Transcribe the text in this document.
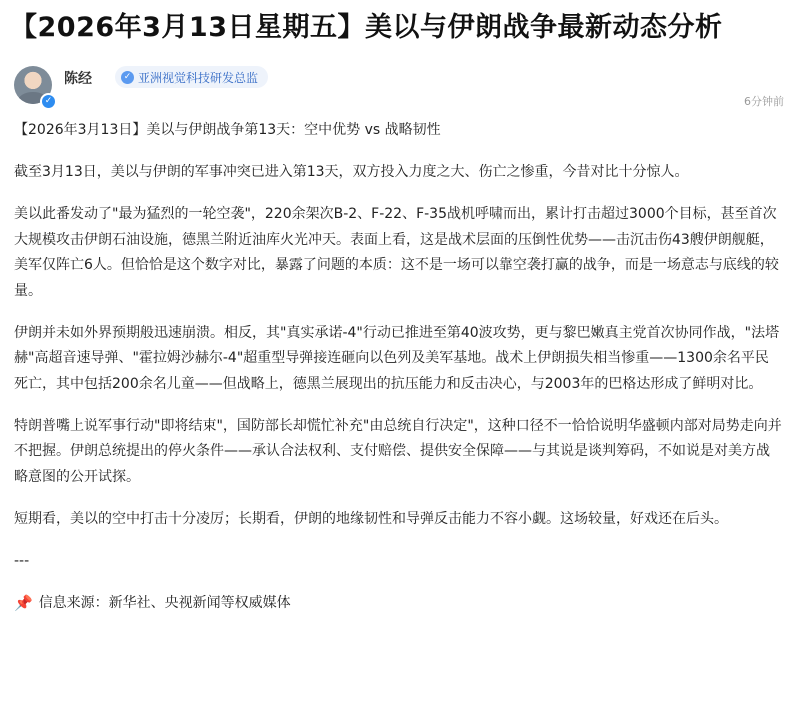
【2026年3月13日星期五】美以与伊朗战争最新动态分析
✓
陈经	✓ 亚洲视觉科技研发总监
6分钟前

【2026年3月13日】美以与伊朗战争第13天：空中优势 vs 战略韧性

截至3月13日，美以与伊朗的军事冲突已进入第13天，双方投入力度之大、伤亡之惨重，今昔对比十分惊人。

美以此番发动了"最为猛烈的一轮空袭"，220余架次B-2、F-22、F-35战机呼啸而出，累计打击超过3000个目标，甚至首次大规模攻击伊朗石油设施，德黑兰附近油库火光冲天。表面上看，这是战术层面的压倒性优势——击沉击伤43艘伊朗舰艇，美军仅阵亡6人。但恰恰是这个数字对比，暴露了问题的本质：这不是一场可以靠空袭打赢的战争，而是一场意志与底线的较量。

伊朗并未如外界预期般迅速崩溃。相反，其"真实承诺-4"行动已推进至第40波攻势，更与黎巴嫩真主党首次协同作战，"法塔赫"高超音速导弹、"霍拉姆沙赫尔-4"超重型导弹接连砸向以色列及美军基地。战术上伊朗损失相当惨重——1300余名平民死亡，其中包括200余名儿童——但战略上，德黑兰展现出的抗压能力和反击决心，与2003年的巴格达形成了鲜明对比。

特朗普嘴上说军事行动"即将结束"，国防部长却慌忙补充"由总统自行决定"，这种口径不一恰恰说明华盛顿内部对局势走向并不把握。伊朗总统提出的停火条件——承认合法权利、支付赔偿、提供安全保障——与其说是谈判筹码，不如说是对美方战略意图的公开试探。

短期看，美以的空中打击十分凌厉；长期看，伊朗的地缘韧性和导弹反击能力不容小觑。这场较量，好戏还在后头。

---

📌 信息来源：新华社、央视新闻等权威媒体
